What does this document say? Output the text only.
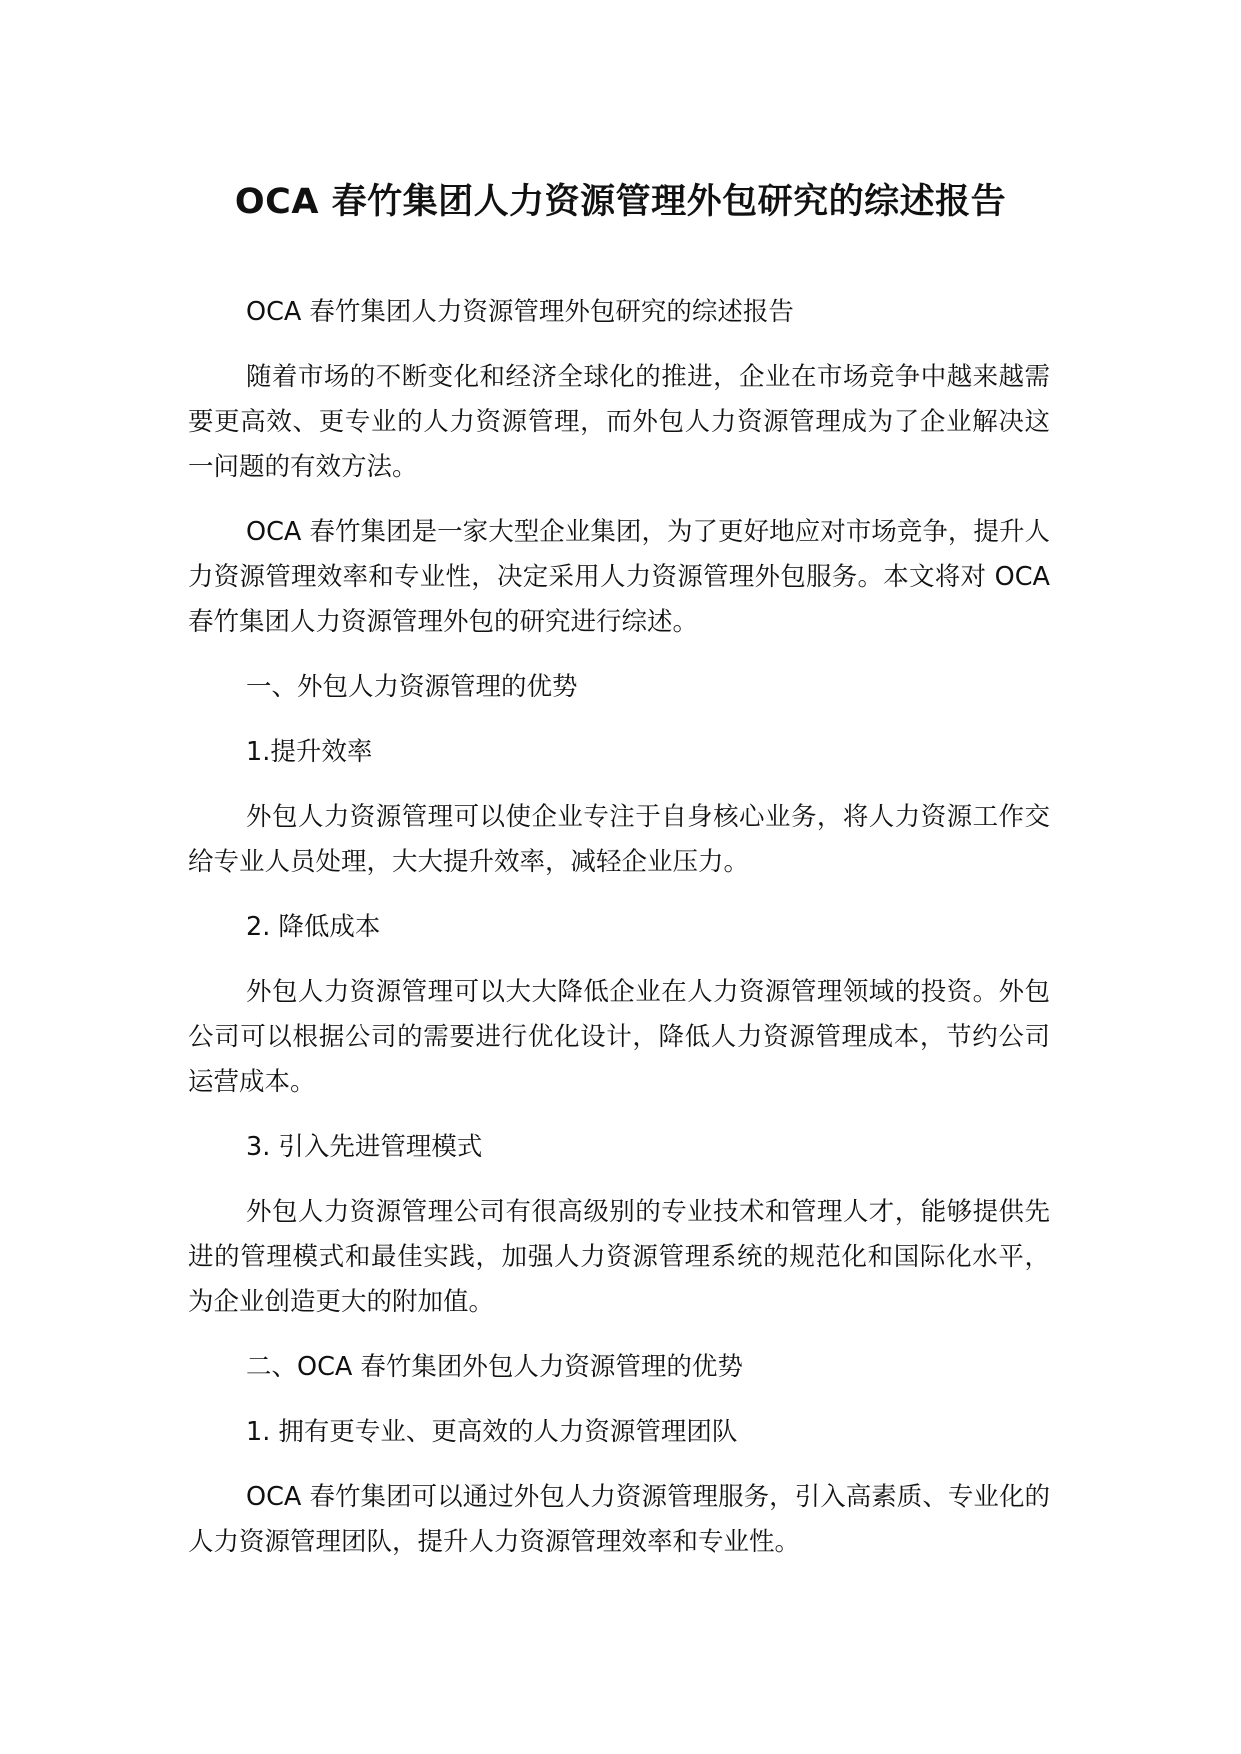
OCA 春竹集团人力资源管理外包研究的综述报告

OCA 春竹集团人力资源管理外包研究的综述报告

随着市场的不断变化和经济全球化的推进，企业在市场竞争中越来越需要更高效、更专业的人力资源管理，而外包人力资源管理成为了企业解决这一问题的有效方法。

OCA 春竹集团是一家大型企业集团，为了更好地应对市场竞争，提升人力资源管理效率和专业性，决定采用人力资源管理外包服务。本文将对 OCA 春竹集团人力资源管理外包的研究进行综述。

一、外包人力资源管理的优势

1.提升效率

外包人力资源管理可以使企业专注于自身核心业务，将人力资源工作交给专业人员处理，大大提升效率，减轻企业压力。

2. 降低成本

外包人力资源管理可以大大降低企业在人力资源管理领域的投资。外包公司可以根据公司的需要进行优化设计，降低人力资源管理成本，节约公司运营成本。

3. 引入先进管理模式

外包人力资源管理公司有很高级别的专业技术和管理人才，能够提供先进的管理模式和最佳实践，加强人力资源管理系统的规范化和国际化水平，为企业创造更大的附加值。

二、OCA 春竹集团外包人力资源管理的优势

1. 拥有更专业、更高效的人力资源管理团队

OCA 春竹集团可以通过外包人力资源管理服务，引入高素质、专业化的人力资源管理团队，提升人力资源管理效率和专业性。
